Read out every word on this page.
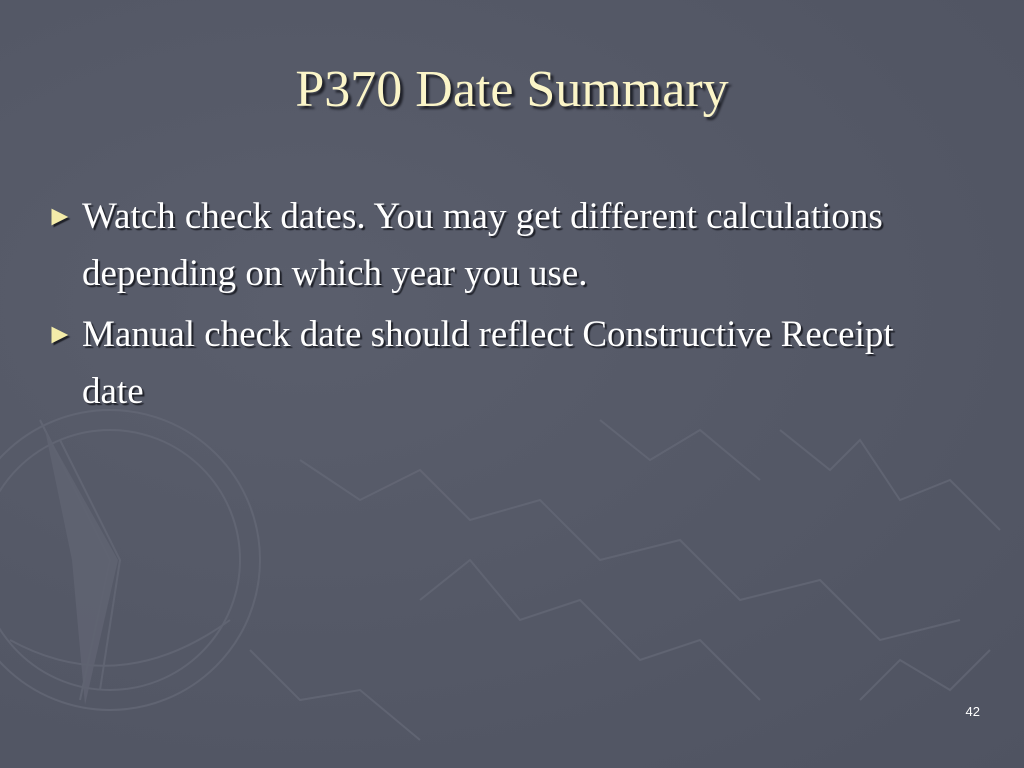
P370 Date Summary
► Watch check dates. You may get different calculations depending on which year you use.
► Manual check date should reflect Constructive Receipt date
42
